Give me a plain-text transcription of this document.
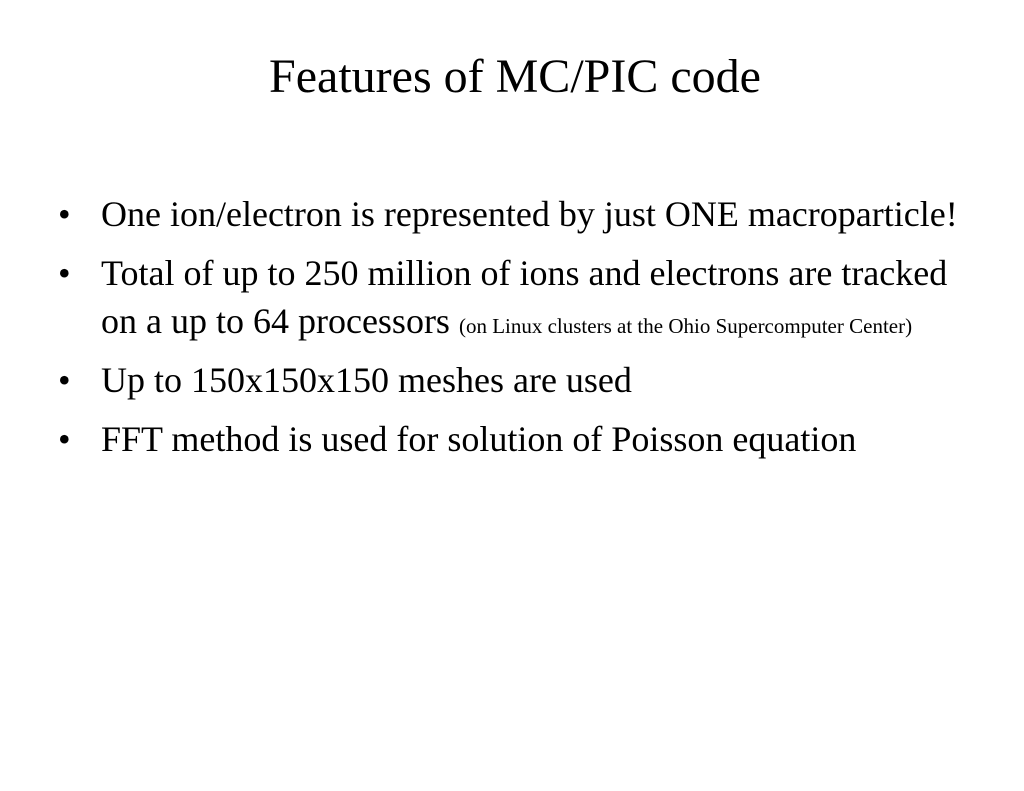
Features of MC/PIC code
• One ion/electron is represented by just ONE macroparticle!
• Total of up to 250 million of ions and electrons are tracked on a up to 64 processors (on Linux clusters at the Ohio Supercomputer Center)
• Up to 150x150x150 meshes are used
• FFT method is used for solution of Poisson equation
